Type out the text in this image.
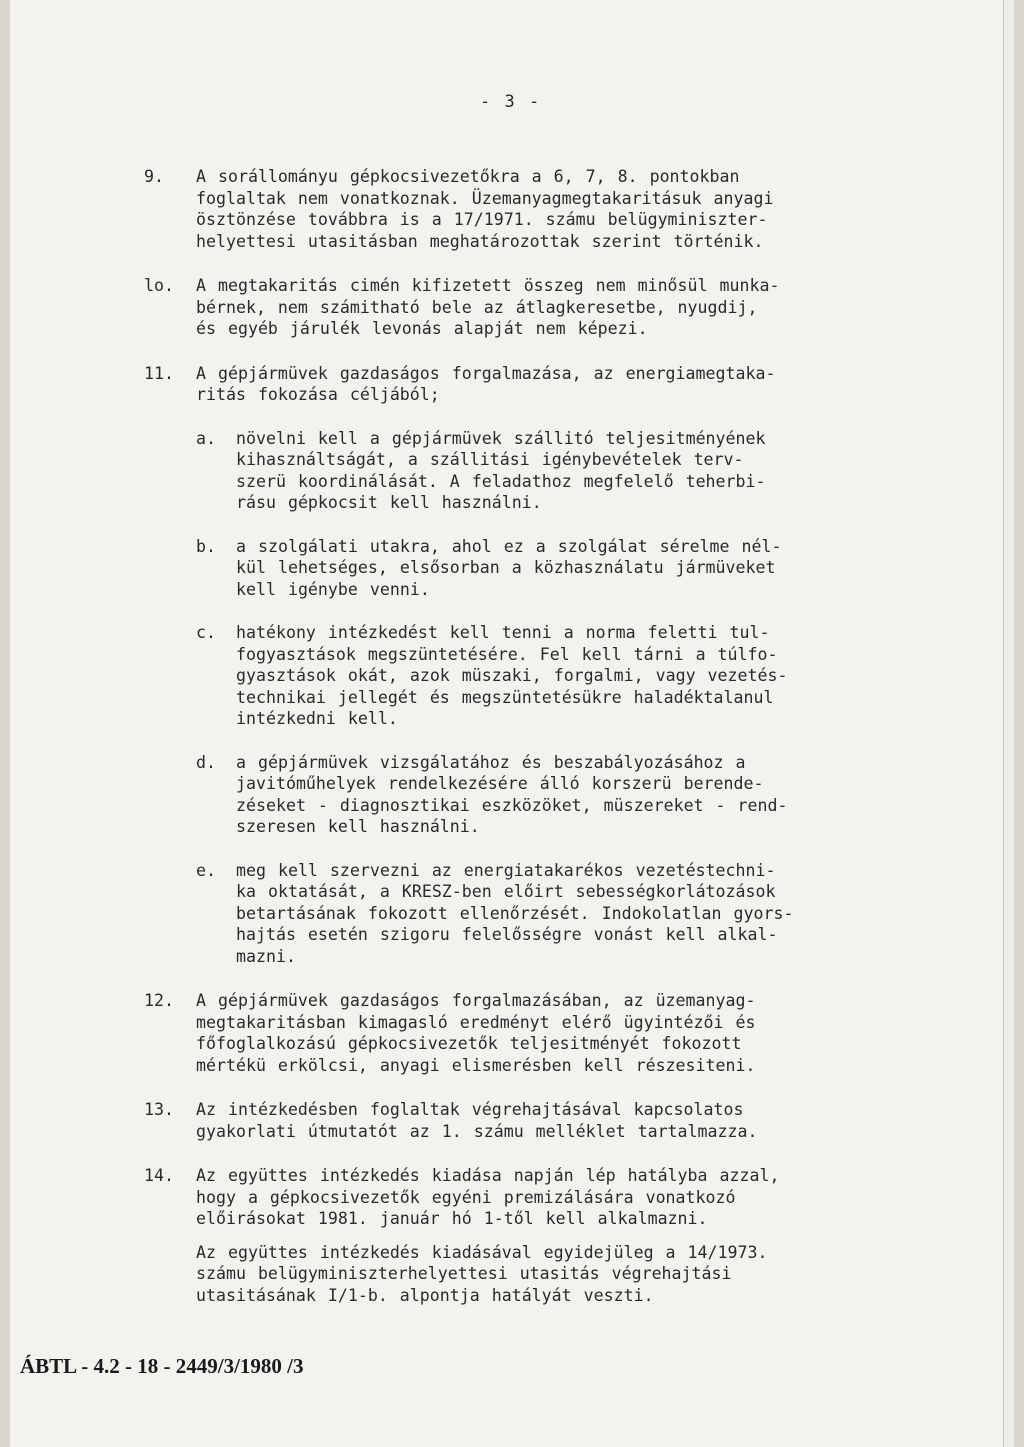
- 3 -
9.	A sorállományu gépkocsivezetőkra a 6, 7, 8. pontokban
foglaltak nem vonatkoznak. Üzemanyagmegtakaritásuk anyagi
ösztönzése továbbra is a 17/1971. számu belügyminiszter-
helyettesi utasitásban meghatározottak szerint történik.
lo.	A megtakaritás cimén kifizetett összeg nem minősül munka-
bérnek, nem számitható bele az átlagkeresetbe, nyugdij,
és egyéb járulék levonás alapját nem képezi.
11.	A gépjármüvek gazdaságos forgalmazása, az energiamegtaka-
ritás fokozása céljából;
a.	növelni kell a gépjármüvek szállitó teljesitményének
kihasználtságát, a szállitási igénybevételek terv-
szerü koordinálását. A feladathoz megfelelő teherbi-
rásu gépkocsit kell használni.
b.	a szolgálati utakra, ahol ez a szolgálat sérelme nél-
kül lehetséges, elsősorban a közhasználatu jármüveket
kell igénybe venni.
c.	hatékony intézkedést kell tenni a norma feletti tul-
fogyasztások megszüntetésére. Fel kell tárni a túlfo-
gyasztások okát, azok müszaki, forgalmi, vagy vezetés-
technikai jellegét és megszüntetésükre haladéktalanul
intézkedni kell.
d.	a gépjármüvek vizsgálatához és beszabályozásához a
javitóműhelyek rendelkezésére álló korszerü berende-
zéseket - diagnosztikai eszközöket, müszereket - rend-
szeresen kell használni.
e.	meg kell szervezni az energiatakarékos vezetéstechni-
ka oktatását, a KRESZ-ben előirt sebességkorlátozások
betartásának fokozott ellenőrzését. Indokolatlan gyors-
hajtás esetén szigoru felelősségre vonást kell alkal-
mazni.
12.	A gépjármüvek gazdaságos forgalmazásában, az üzemanyag-
megtakaritásban kimagasló eredményt elérő ügyintézői és
főfoglalkozású gépkocsivezetők teljesitményét fokozott
mértékü erkölcsi, anyagi elismerésben kell részesiteni.
13.	Az intézkedésben foglaltak végrehajtásával kapcsolatos
gyakorlati útmutatót az 1. számu melléklet tartalmazza.
14.	Az együttes intézkedés kiadása napján lép hatályba azzal,
hogy a gépkocsivezetők egyéni premizálására vonatkozó
előirásokat 1981. január hó 1-től kell alkalmazni.
Az együttes intézkedés kiadásával egyidejüleg a 14/1973.
számu belügyminiszterhelyettesi utasitás végrehajtási
utasitásának I/1-b. alpontja hatályát veszti.
ÁBTL - 4.2 - 18 - 2449/3/1980 /3
